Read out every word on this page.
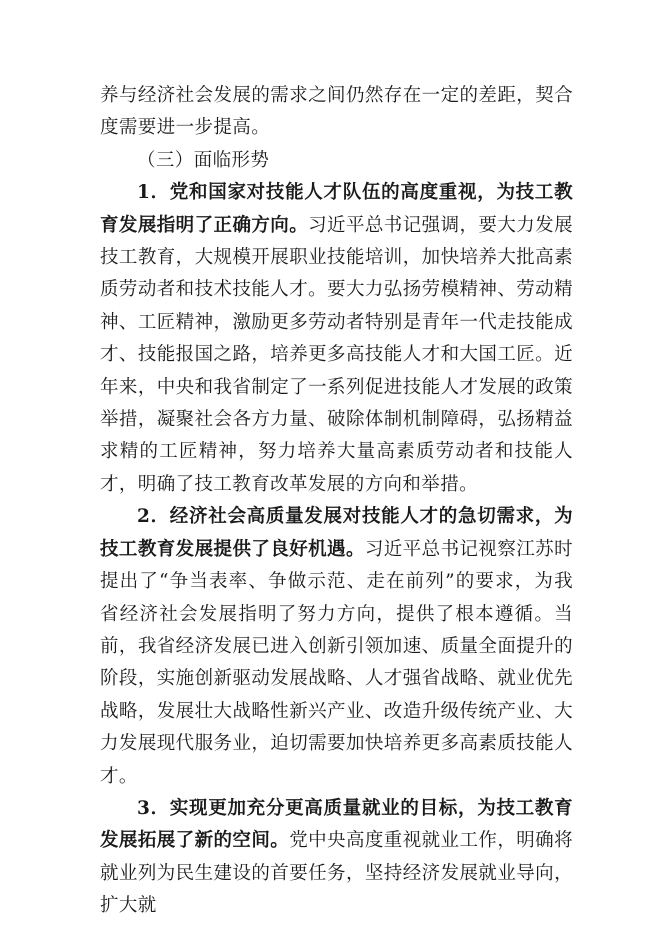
养与经济社会发展的需求之间仍然存在一定的差距，契合度需要进一步提高。

（三）面临形势

1．党和国家对技能人才队伍的高度重视，为技工教育发展指明了正确方向。习近平总书记强调，要大力发展技工教育，大规模开展职业技能培训，加快培养大批高素质劳动者和技术技能人才。要大力弘扬劳模精神、劳动精神、工匠精神，激励更多劳动者特别是青年一代走技能成才、技能报国之路，培养更多高技能人才和大国工匠。近年来，中央和我省制定了一系列促进技能人才发展的政策举措，凝聚社会各方力量、破除体制机制障碍，弘扬精益求精的工匠精神，努力培养大量高素质劳动者和技能人才，明确了技工教育改革发展的方向和举措。

2．经济社会高质量发展对技能人才的急切需求，为技工教育发展提供了良好机遇。习近平总书记视察江苏时提出了“争当表率、争做示范、走在前列”的要求，为我省经济社会发展指明了努力方向，提供了根本遵循。当前，我省经济发展已进入创新引领加速、质量全面提升的阶段，实施创新驱动发展战略、人才强省战略、就业优先战略，发展壮大战略性新兴产业、改造升级传统产业、大力发展现代服务业，迫切需要加快培养更多高素质技能人才。

3．实现更加充分更高质量就业的目标，为技工教育发展拓展了新的空间。党中央高度重视就业工作，明确将就业列为民生建设的首要任务，坚持经济发展就业导向，扩大就
